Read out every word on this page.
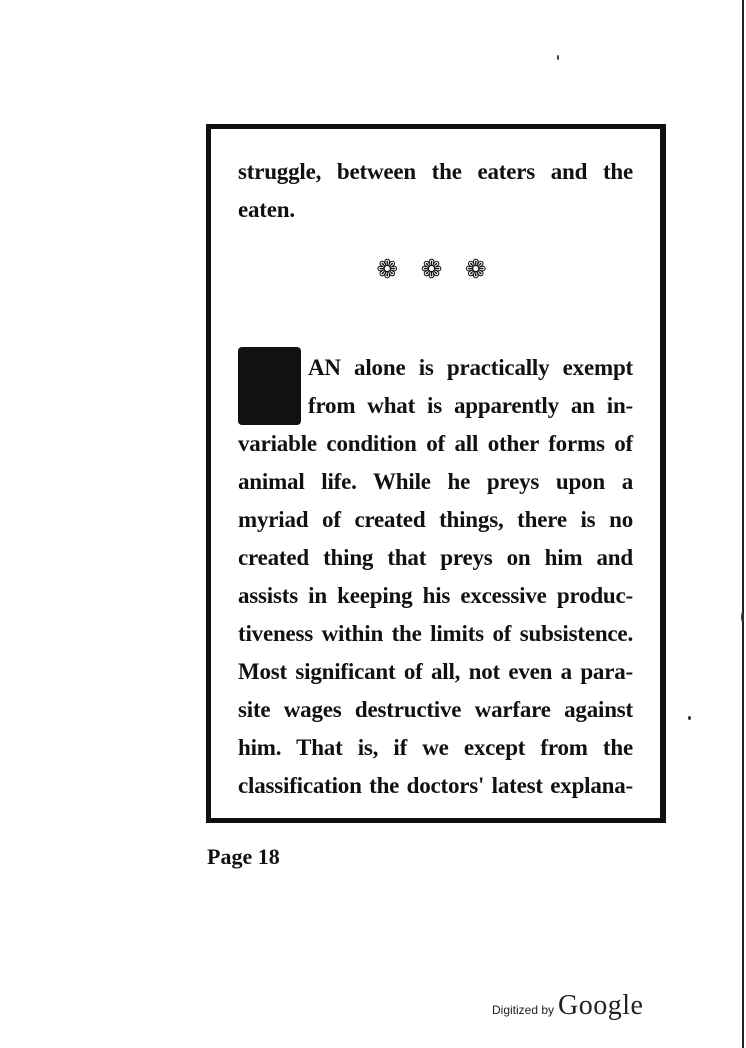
struggle, between the eaters and the
eaten.
❁ ❁ ❁
AN alone is practically exempt
from what is apparently an in-
variable condition of all other forms of
animal life. While he preys upon a
myriad of created things, there is no
created thing that preys on him and
assists in keeping his excessive produc-
tiveness within the limits of subsistence.
Most significant of all, not even a para-
site wages destructive warfare against
him. That is, if we except from the
classification the doctors' latest explana-
Page 18
Digitized by Google
